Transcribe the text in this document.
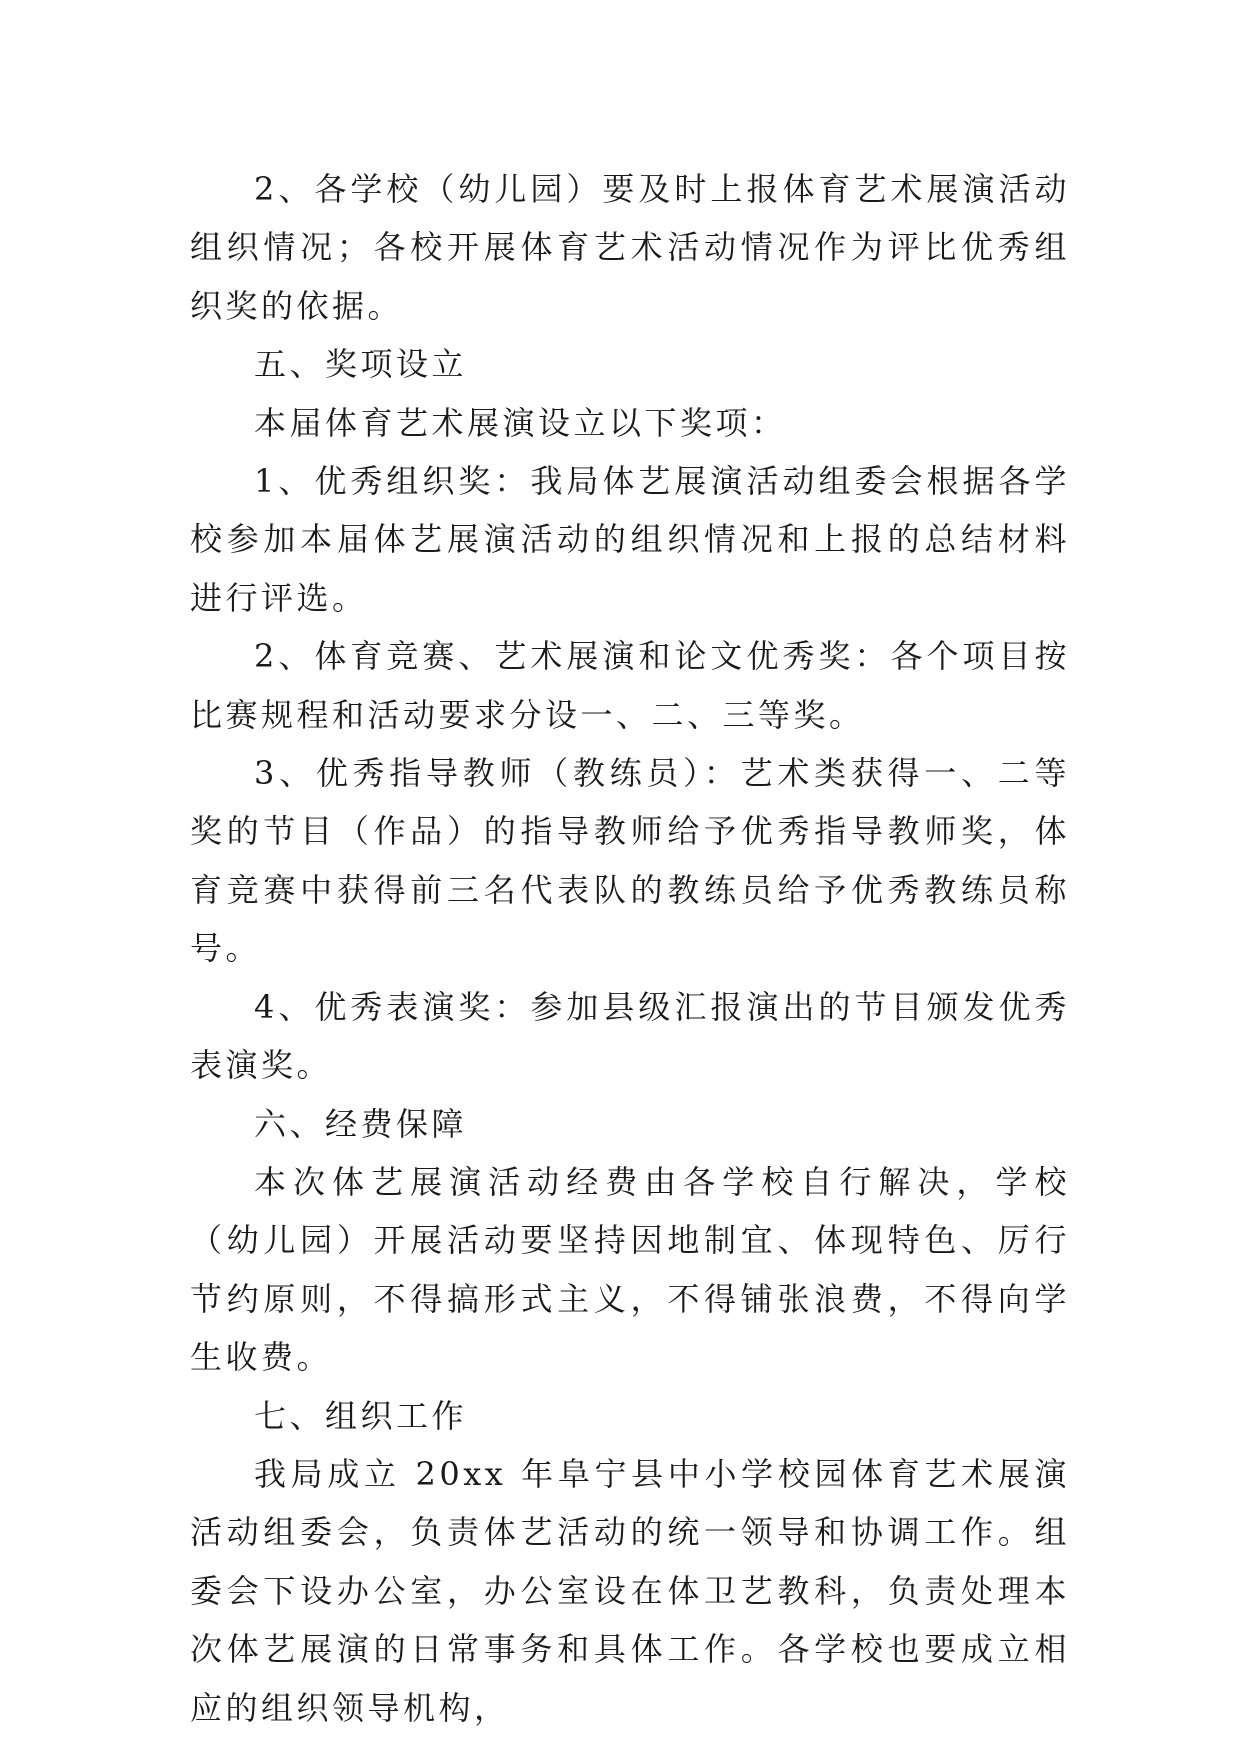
2、各学校（幼儿园）要及时上报体育艺术展演活动组织情况；各校开展体育艺术活动情况作为评比优秀组织奖的依据。

五、奖项设立

本届体育艺术展演设立以下奖项：

1、优秀组织奖：我局体艺展演活动组委会根据各学校参加本届体艺展演活动的组织情况和上报的总结材料进行评选。

2、体育竞赛、艺术展演和论文优秀奖：各个项目按比赛规程和活动要求分设一、二、三等奖。

3、优秀指导教师（教练员）：艺术类获得一、二等奖的节目（作品）的指导教师给予优秀指导教师奖，体育竞赛中获得前三名代表队的教练员给予优秀教练员称号。

4、优秀表演奖：参加县级汇报演出的节目颁发优秀表演奖。

六、经费保障

本次体艺展演活动经费由各学校自行解决，学校（幼儿园）开展活动要坚持因地制宜、体现特色、厉行节约原则，不得搞形式主义，不得铺张浪费，不得向学生收费。

七、组织工作

我局成立 20xx 年阜宁县中小学校园体育艺术展演活动组委会，负责体艺活动的统一领导和协调工作。组委会下设办公室，办公室设在体卫艺教科，负责处理本次体艺展演的日常事务和具体工作。各学校也要成立相应的组织领导机构，
